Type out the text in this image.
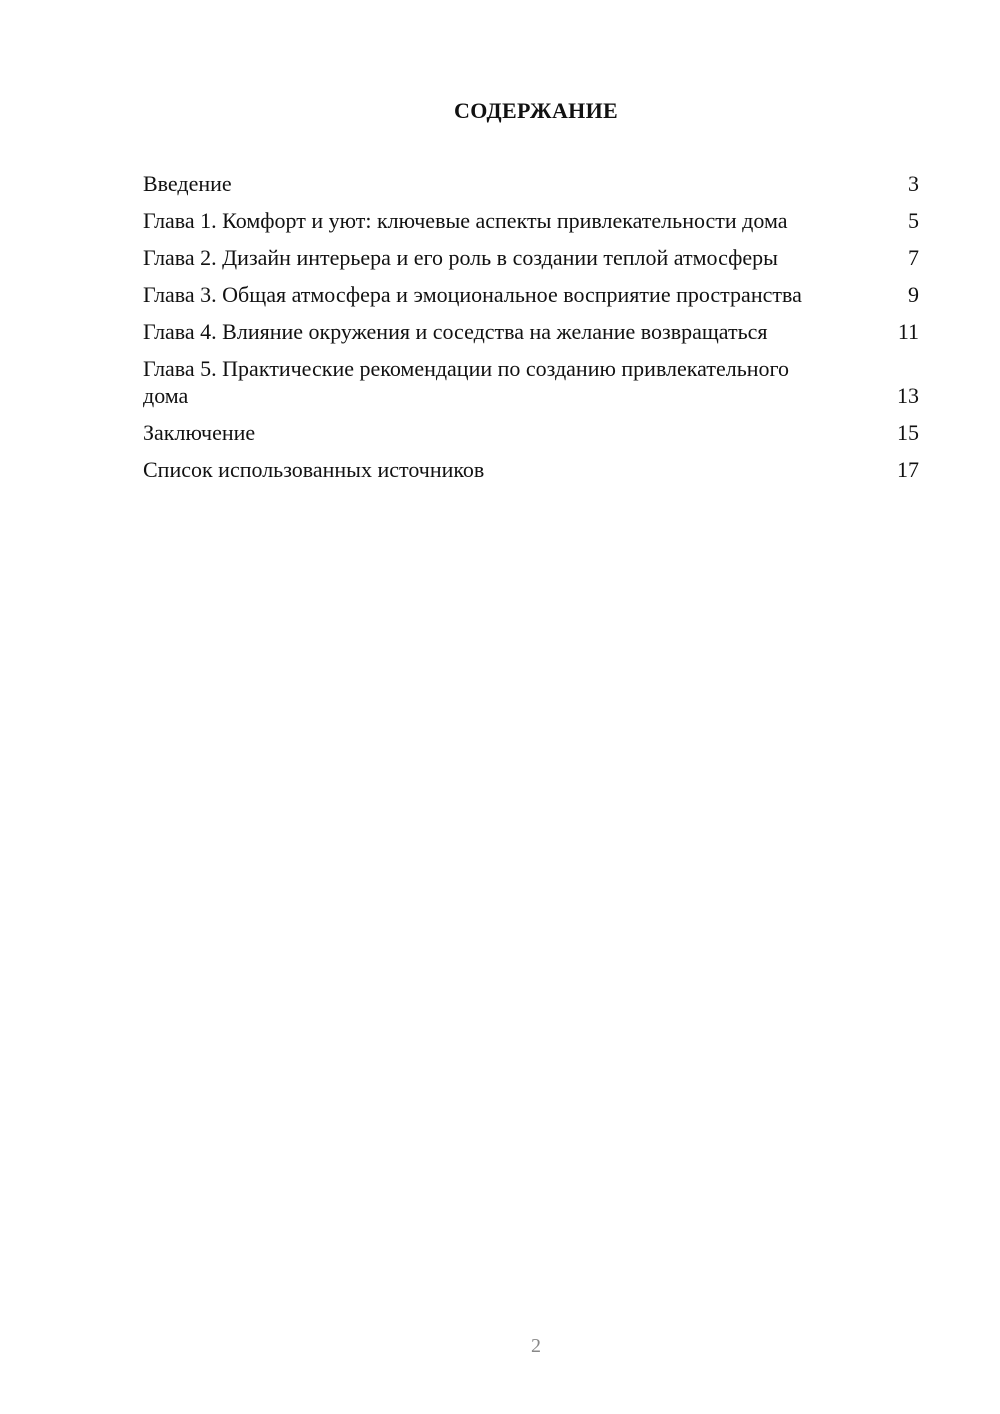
СОДЕРЖАНИЕ
Введение	3
Глава 1. Комфорт и уют: ключевые аспекты привлекательности дома	5
Глава 2. Дизайн интерьера и его роль в создании теплой атмосферы	7
Глава 3. Общая атмосфера и эмоциональное восприятие пространства	9
Глава 4. Влияние окружения и соседства на желание возвращаться	11
Глава 5. Практические рекомендации по созданию привлекательного дома	13
Заключение	15
Список использованных источников	17
2
